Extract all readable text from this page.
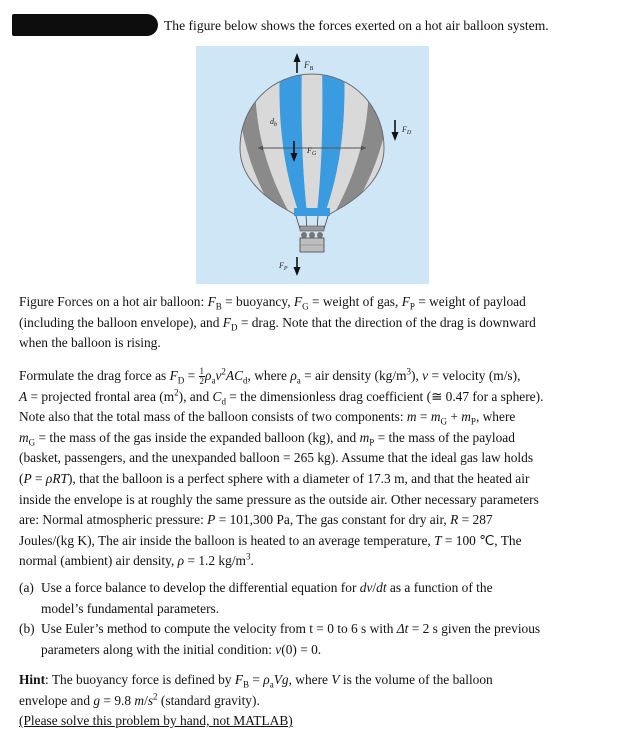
The figure below shows the forces exerted on a hot air balloon system.
$F_B$
$F_G$
$d_b$	$F_D$
$F_P$

Figure Forces on a hot air balloon: $F_B$ = buoyancy, $F_G$ = weight of gas, $F_P$ = weight of payload
(including the balloon envelope), and $F_D$ = drag. Note that the direction of the drag is downward
when the balloon is rising.

Formulate the drag force as $F_D = \frac{1}{2} \rho_av^2AC_d$, where $\rho_a$ = air density $(kg/m^3)$, v = velocity (m/s),
A = projected frontal area $(m^2)$, and $C_d$ = the dimensionless drag coefficient (≅ 0.47 for a sphere).
Note also that the total mass of the balloon consists of two components: $m = m_G + m_P$, where
$m_G$ = the mass of the gas inside the expanded balloon (kg), and $m_P$ = the mass of the payload
(basket, passengers, and the unexpanded balloon = 265 kg). Assume that the ideal gas law holds
(P = ρRT), that the balloon is a perfect sphere with a diameter of 17.3 m, and that the heated air
inside the envelope is at roughly the same pressure as the outside air. Other necessary parameters
are: Normal atmospheric pressure: P = 101,300 Pa, The gas constant for dry air, R = 287
Joules/(kg K), The air inside the balloon is heated to an average temperature, T = 100 ℃, The
normal (ambient) air density, ρ = 1.2 $kg/m^3$.

(a) Use a force balance to develop the differential equation for dv/dt as a function of the
model’s fundamental parameters.
(b) Use Euler’s method to compute the velocity from t = 0 to 6 s with Δt = 2 s given the previous
parameters along with the initial condition: v(0) = 0.

Hint: The buoyancy force is defined by $F_B = \rho_aVg$, where V is the volume of the balloon
envelope and g = 9.8 $m/s^2$ (standard gravity).
(Please solve this problem by hand, not MATLAB)
